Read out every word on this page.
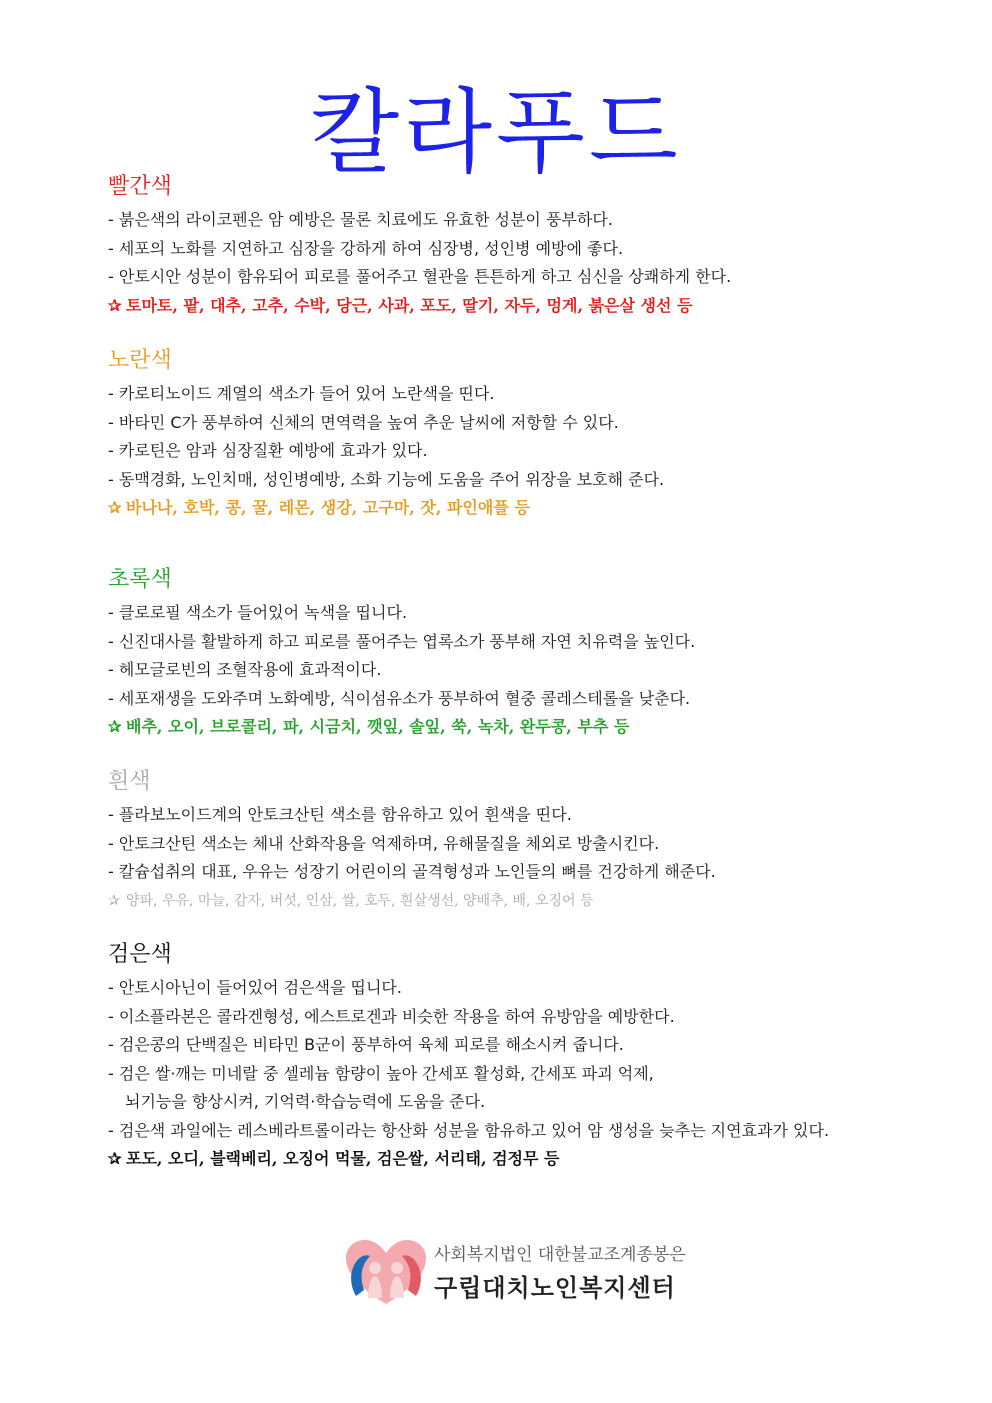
칼라푸드
빨간색
- 붉은색의 라이코펜은 암 예방은 물론 치료에도 유효한 성분이 풍부하다.
- 세포의 노화를 지연하고 심장을 강하게 하여 심장병, 성인병 예방에 좋다.
- 안토시안 성분이 함유되어 피로를 풀어주고 혈관을 튼튼하게 하고 심신을 상쾌하게 한다.
✰ 토마토, 팥, 대추, 고추, 수박, 당근, 사과, 포도, 딸기, 자두, 멍게, 붉은살 생선 등
노란색
- 카로티노이드 계열의 색소가 들어 있어 노란색을 띤다.
- 바타민 C가 풍부하여 신체의 면역력을 높여 추운 날씨에 저항할 수 있다.
- 카로틴은 암과 심장질환 예방에 효과가 있다.
- 동맥경화, 노인치매, 성인병예방, 소화 기능에 도움을 주어 위장을 보호해 준다.
✰ 바나나, 호박, 콩, 꿀, 레몬, 생강, 고구마, 잣, 파인애플 등
초록색
- 클로로필 색소가 들어있어 녹색을 띱니다.
- 신진대사를 활발하게 하고 피로를 풀어주는 엽록소가 풍부해 자연 치유력을 높인다.
- 헤모글로빈의 조혈작용에 효과적이다.
- 세포재생을 도와주며 노화예방, 식이섬유소가 풍부하여 혈중 콜레스테롤을 낮춘다.
✰ 배추, 오이, 브로콜리, 파, 시금치, 깻잎, 솔잎, 쑥, 녹차, 완두콩, 부추 등
흰색
- 플라보노이드계의 안토크산틴 색소를 함유하고 있어 흰색을 띤다.
- 안토크산틴 색소는 체내 산화작용을 억제하며, 유해물질을 체외로 방출시킨다.
- 칼슘섭취의 대표, 우유는 성장기 어린이의 골격형성과 노인들의 뼈를 건강하게 해준다.
✰ 양파, 우유, 마늘, 감자, 버섯, 인삼, 쌀, 호두, 흰살생선, 양배추, 배, 오징어 등
검은색
- 안토시아닌이 들어있어 검은색을 띱니다.
- 이소플라본은 콜라겐형성, 에스트로겐과 비슷한 작용을 하여 유방암을 예방한다.
- 검은콩의 단백질은 비타민 B군이 풍부하여 육체 피로를 해소시켜 줍니다.
- 검은 쌀·깨는 미네랄 중 셀레늄 함량이 높아 간세포 활성화, 간세포 파괴 억제,
뇌기능을 향상시켜, 기억력·학습능력에 도움을 준다.
- 검은색 과일에는 레스베라트롤이라는 항산화 성분을 함유하고 있어 암 생성을 늦추는 지연효과가 있다.
✰ 포도, 오디, 블랙베리, 오징어 먹물, 검은쌀, 서리태, 검정무 등
사회복지법인 대한불교조계종봉은
구립대치노인복지센터
